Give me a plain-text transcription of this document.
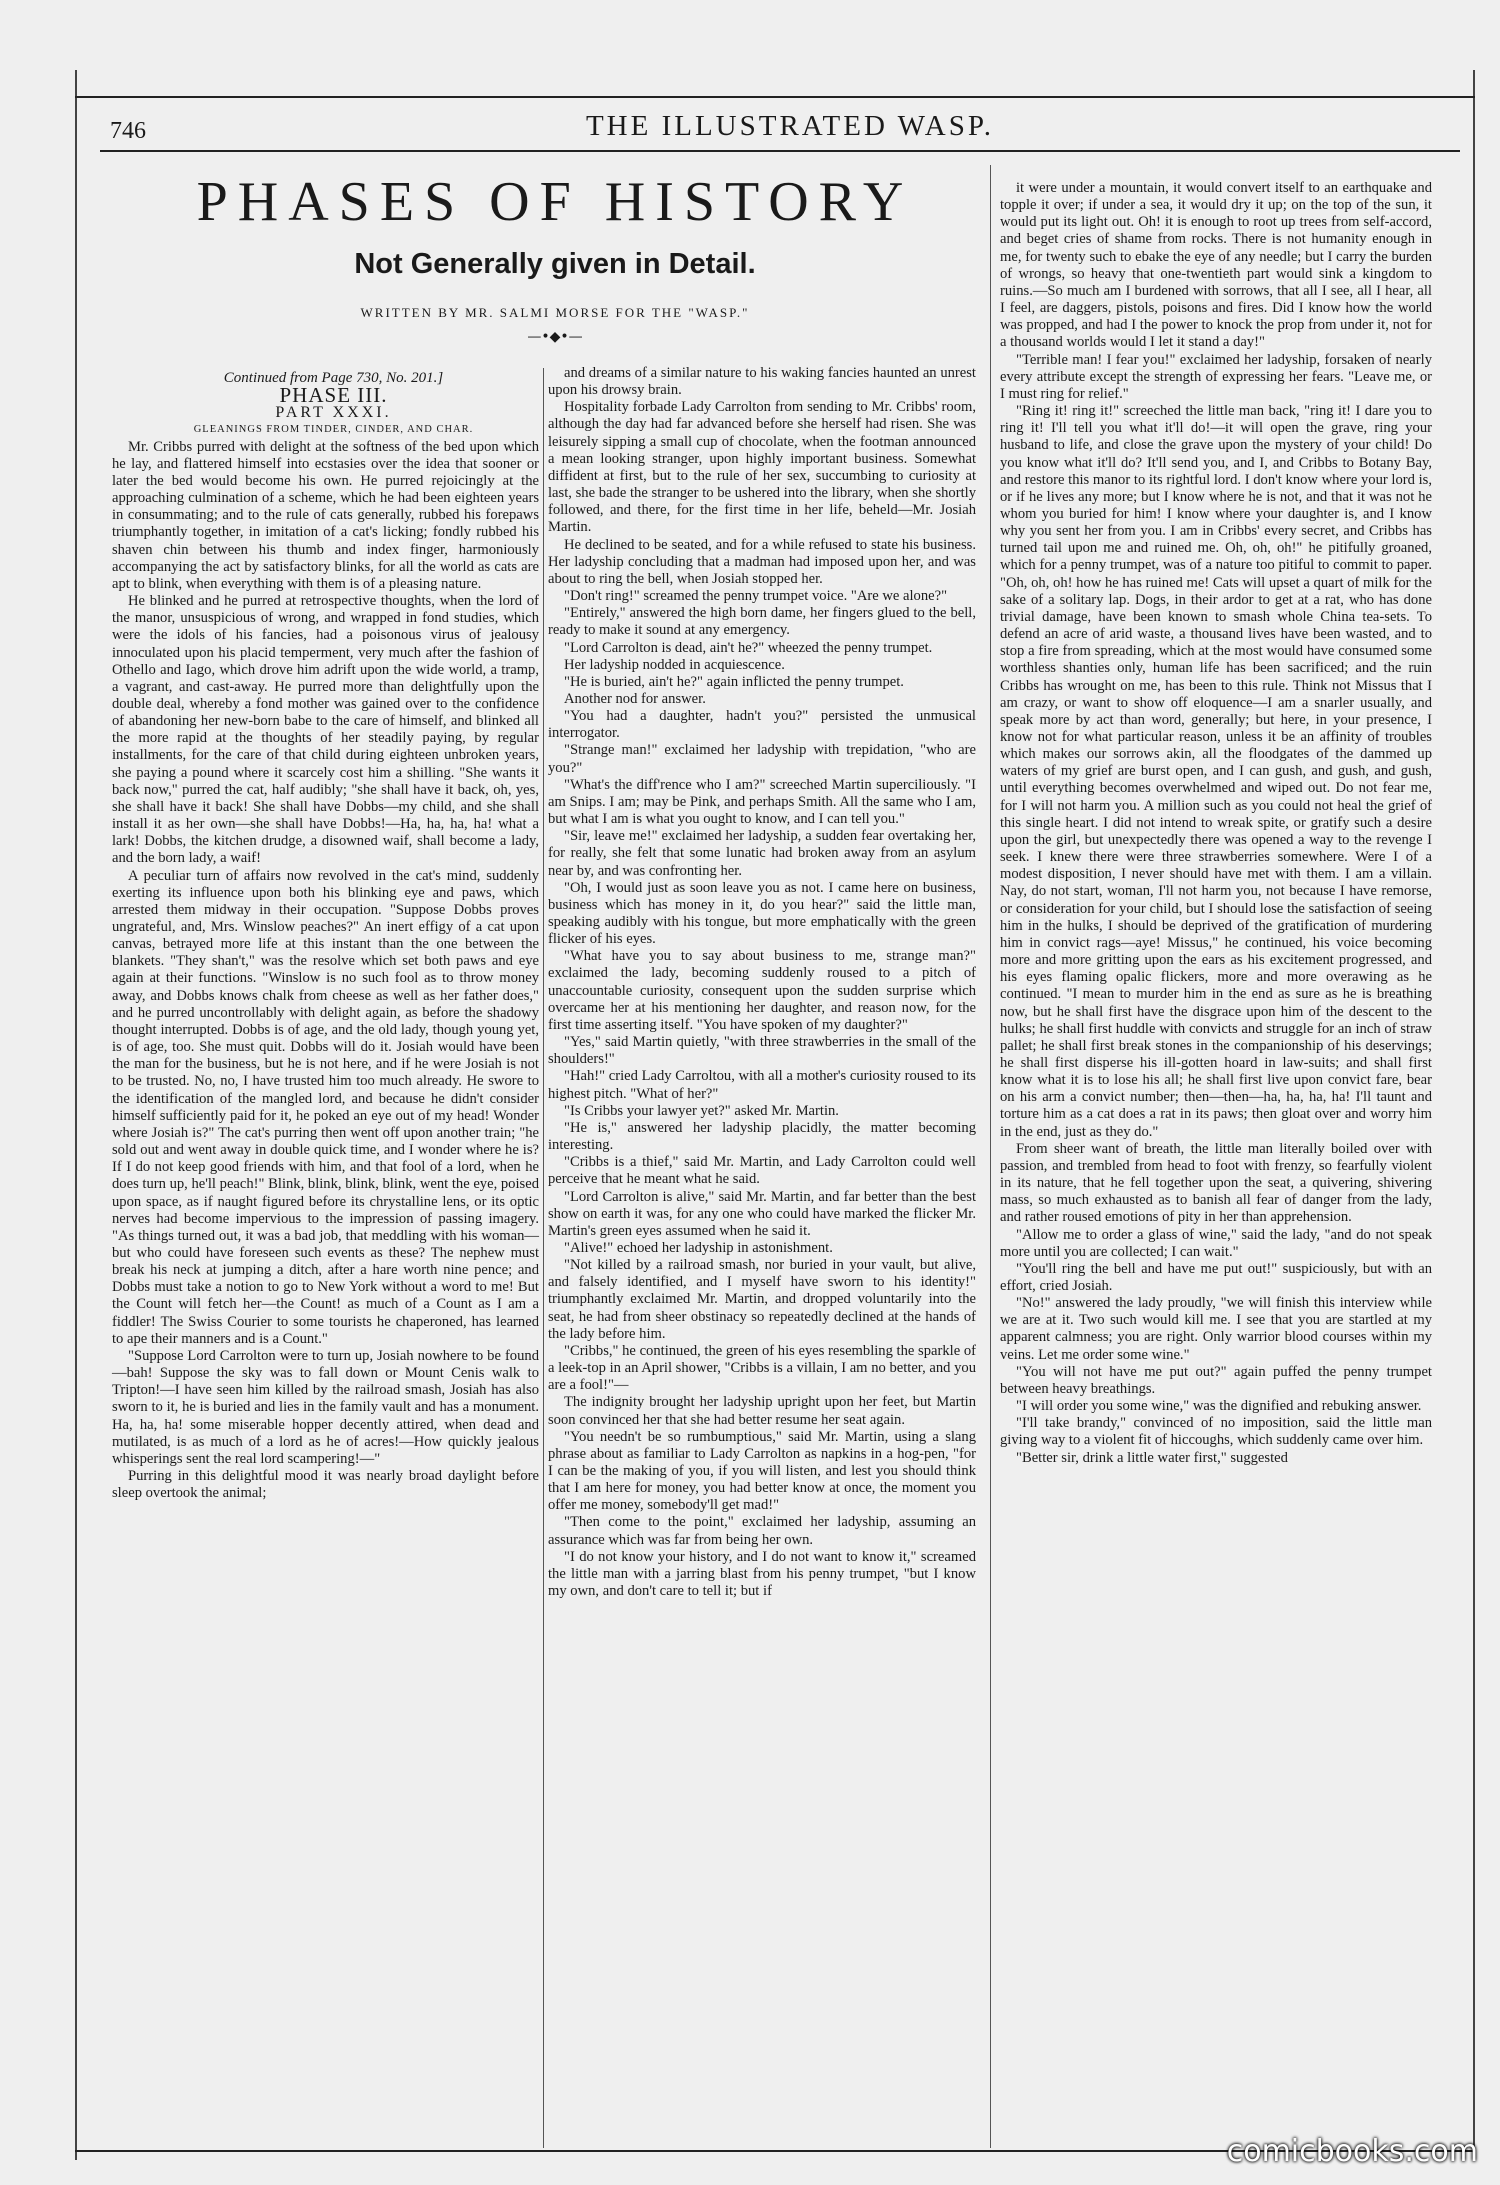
746	THE ILLUSTRATED WASP.
PHASES OF HISTORY
Not Generally given in Detail.
WRITTEN BY MR. SALMI MORSE FOR THE "WASP."
—•◆•—

Continued from Page 730, No. 201.]

PHASE III.

PART XXXI.

GLEANINGS FROM TINDER, CINDER, AND CHAR.

Mr. Cribbs purred with delight at the softness of the bed upon which he lay, and flattered himself into ecstasies over the idea that sooner or later the bed would become his own. He purred rejoicingly at the approaching culmination of a scheme, which he had been eighteen years in consummating; and to the rule of cats generally, rubbed his forepaws triumphantly together, in imitation of a cat's licking; fondly rubbed his shaven chin between his thumb and index finger, harmoniously accompanying the act by satisfactory blinks, for all the world as cats are apt to blink, when everything with them is of a pleasing nature.

He blinked and he purred at retrospective thoughts, when the lord of the manor, unsuspicious of wrong, and wrapped in fond studies, which were the idols of his fancies, had a poisonous virus of jealousy innoculated upon his placid temperment, very much after the fashion of Othello and Iago, which drove him adrift upon the wide world, a tramp, a vagrant, and cast-away. He purred more than delightfully upon the double deal, whereby a fond mother was gained over to the confidence of abandoning her new-born babe to the care of himself, and blinked all the more rapid at the thoughts of her steadily paying, by regular installments, for the care of that child during eighteen unbroken years, she paying a pound where it scarcely cost him a shilling. "She wants it back now," purred the cat, half audibly; "she shall have it back, oh, yes, she shall have it back! She shall have Dobbs—my child, and she shall install it as her own—she shall have Dobbs!—Ha, ha, ha, ha! what a lark! Dobbs, the kitchen drudge, a disowned waif, shall become a lady, and the born lady, a waif!

A peculiar turn of affairs now revolved in the cat's mind, suddenly exerting its influence upon both his blinking eye and paws, which arrested them midway in their occupation. "Suppose Dobbs proves ungrateful, and, Mrs. Winslow peaches?" An inert effigy of a cat upon canvas, betrayed more life at this instant than the one between the blankets. "They shan't," was the resolve which set both paws and eye again at their functions. "Winslow is no such fool as to throw money away, and Dobbs knows chalk from cheese as well as her father does," and he purred uncontrollably with delight again, as before the shadowy thought interrupted. Dobbs is of age, and the old lady, though young yet, is of age, too. She must quit. Dobbs will do it. Josiah would have been the man for the business, but he is not here, and if he were Josiah is not to be trusted. No, no, I have trusted him too much already. He swore to the identification of the mangled lord, and because he didn't consider himself sufficiently paid for it, he poked an eye out of my head! Wonder where Josiah is?" The cat's purring then went off upon another train; "he sold out and went away in double quick time, and I wonder where he is? If I do not keep good friends with him, and that fool of a lord, when he does turn up, he'll peach!" Blink, blink, blink, blink, went the eye, poised upon space, as if naught figured before its chrystalline lens, or its optic nerves had become impervious to the impression of passing imagery. "As things turned out, it was a bad job, that meddling with his woman—but who could have foreseen such events as these? The nephew must break his neck at jumping a ditch, after a hare worth nine pence; and Dobbs must take a notion to go to New York without a word to me! But the Count will fetch her—the Count! as much of a Count as I am a fiddler! The Swiss Courier to some tourists he chaperoned, has learned to ape their manners and is a Count."

"Suppose Lord Carrolton were to turn up, Josiah nowhere to be found—bah! Suppose the sky was to fall down or Mount Cenis walk to Tripton!—I have seen him killed by the railroad smash, Josiah has also sworn to it, he is buried and lies in the family vault and has a monument. Ha, ha, ha! some miserable hopper decently attired, when dead and mutilated, is as much of a lord as he of acres!—How quickly jealous whisperings sent the real lord scampering!—"

Purring in this delightful mood it was nearly broad daylight before sleep overtook the animal;

and dreams of a similar nature to his waking fancies haunted an unrest upon his drowsy brain.

Hospitality forbade Lady Carrolton from sending to Mr. Cribbs' room, although the day had far advanced before she herself had risen. She was leisurely sipping a small cup of chocolate, when the footman announced a mean looking stranger, upon highly important business. Somewhat diffident at first, but to the rule of her sex, succumbing to curiosity at last, she bade the stranger to be ushered into the library, when she shortly followed, and there, for the first time in her life, beheld—Mr. Josiah Martin.

He declined to be seated, and for a while refused to state his business. Her ladyship concluding that a madman had imposed upon her, and was about to ring the bell, when Josiah stopped her.

"Don't ring!" screamed the penny trumpet voice. "Are we alone?"

"Entirely," answered the high born dame, her fingers glued to the bell, ready to make it sound at any emergency.

"Lord Carrolton is dead, ain't he?" wheezed the penny trumpet.

Her ladyship nodded in acquiescence.

"He is buried, ain't he?" again inflicted the penny trumpet.

Another nod for answer.

"You had a daughter, hadn't you?" persisted the unmusical interrogator.

"Strange man!" exclaimed her ladyship with trepidation, "who are you?"

"What's the diff'rence who I am?" screeched Martin superciliously. "I am Snips. I am; may be Pink, and perhaps Smith. All the same who I am, but what I am is what you ought to know, and I can tell you."

"Sir, leave me!" exclaimed her ladyship, a sudden fear overtaking her, for really, she felt that some lunatic had broken away from an asylum near by, and was confronting her.

"Oh, I would just as soon leave you as not. I came here on business, business which has money in it, do you hear?" said the little man, speaking audibly with his tongue, but more emphatically with the green flicker of his eyes.

"What have you to say about business to me, strange man?" exclaimed the lady, becoming suddenly roused to a pitch of unaccountable curiosity, consequent upon the sudden surprise which overcame her at his mentioning her daughter, and reason now, for the first time asserting itself. "You have spoken of my daughter?"

"Yes," said Martin quietly, "with three strawberries in the small of the shoulders!"

"Hah!" cried Lady Carroltou, with all a mother's curiosity roused to its highest pitch. "What of her?"

"Is Cribbs your lawyer yet?" asked Mr. Martin.

"He is," answered her ladyship placidly, the matter becoming interesting.

"Cribbs is a thief," said Mr. Martin, and Lady Carrolton could well perceive that he meant what he said.

"Lord Carrolton is alive," said Mr. Martin, and far better than the best show on earth it was, for any one who could have marked the flicker Mr. Martin's green eyes assumed when he said it.

"Alive!" echoed her ladyship in astonishment.

"Not killed by a railroad smash, nor buried in your vault, but alive, and falsely identified, and I myself have sworn to his identity!" triumphantly exclaimed Mr. Martin, and dropped voluntarily into the seat, he had from sheer obstinacy so repeatedly declined at the hands of the lady before him.

"Cribbs," he continued, the green of his eyes resembling the sparkle of a leek-top in an April shower, "Cribbs is a villain, I am no better, and you are a fool!"—

The indignity brought her ladyship upright upon her feet, but Martin soon convinced her that she had better resume her seat again.

"You needn't be so rumbumptious," said Mr. Martin, using a slang phrase about as familiar to Lady Carrolton as napkins in a hog-pen, "for I can be the making of you, if you will listen, and lest you should think that I am here for money, you had better know at once, the moment you offer me money, somebody'll get mad!"

"Then come to the point," exclaimed her ladyship, assuming an assurance which was far from being her own.

"I do not know your history, and I do not want to know it," screamed the little man with a jarring blast from his penny trumpet, "but I know my own, and don't care to tell it; but if

it were under a mountain, it would convert itself to an earthquake and topple it over; if under a sea, it would dry it up; on the top of the sun, it would put its light out. Oh! it is enough to root up trees from self-accord, and beget cries of shame from rocks. There is not humanity enough in me, for twenty such to ebake the eye of any needle; but I carry the burden of wrongs, so heavy that one-twentieth part would sink a kingdom to ruins.—So much am I burdened with sorrows, that all I see, all I hear, all I feel, are daggers, pistols, poisons and fires. Did I know how the world was propped, and had I the power to knock the prop from under it, not for a thousand worlds would I let it stand a day!"

"Terrible man! I fear you!" exclaimed her ladyship, forsaken of nearly every attribute except the strength of expressing her fears. "Leave me, or I must ring for relief."

"Ring it! ring it!" screeched the little man back, "ring it! I dare you to ring it! I'll tell you what it'll do!—it will open the grave, ring your husband to life, and close the grave upon the mystery of your child! Do you know what it'll do? It'll send you, and I, and Cribbs to Botany Bay, and restore this manor to its rightful lord. I don't know where your lord is, or if he lives any more; but I know where he is not, and that it was not he whom you buried for him! I know where your daughter is, and I know why you sent her from you. I am in Cribbs' every secret, and Cribbs has turned tail upon me and ruined me. Oh, oh, oh!" he pitifully groaned, which for a penny trumpet, was of a nature too pitiful to commit to paper. "Oh, oh, oh! how he has ruined me! Cats will upset a quart of milk for the sake of a solitary lap. Dogs, in their ardor to get at a rat, who has done trivial damage, have been known to smash whole China tea-sets. To defend an acre of arid waste, a thousand lives have been wasted, and to stop a fire from spreading, which at the most would have consumed some worthless shanties only, human life has been sacrificed; and the ruin Cribbs has wrought on me, has been to this rule. Think not Missus that I am crazy, or want to show off eloquence—I am a snarler usually, and speak more by act than word, generally; but here, in your presence, I know not for what particular reason, unless it be an affinity of troubles which makes our sorrows akin, all the floodgates of the dammed up waters of my grief are burst open, and I can gush, and gush, and gush, until everything becomes overwhelmed and wiped out. Do not fear me, for I will not harm you. A million such as you could not heal the grief of this single heart. I did not intend to wreak spite, or gratify such a desire upon the girl, but unexpectedly there was opened a way to the revenge I seek. I knew there were three strawberries somewhere. Were I of a modest disposition, I never should have met with them. I am a villain. Nay, do not start, woman, I'll not harm you, not because I have remorse, or consideration for your child, but I should lose the satisfaction of seeing him in the hulks, I should be deprived of the gratification of murdering him in convict rags—aye! Missus," he continued, his voice becoming more and more gritting upon the ears as his excitement progressed, and his eyes flaming opalic flickers, more and more overawing as he continued. "I mean to murder him in the end as sure as he is breathing now, but he shall first have the disgrace upon him of the descent to the hulks; he shall first huddle with convicts and struggle for an inch of straw pallet; he shall first break stones in the companionship of his deservings; he shall first disperse his ill-gotten hoard in law-suits; and shall first know what it is to lose his all; he shall first live upon convict fare, bear on his arm a convict number; then—then—ha, ha, ha, ha! I'll taunt and torture him as a cat does a rat in its paws; then gloat over and worry him in the end, just as they do."

From sheer want of breath, the little man literally boiled over with passion, and trembled from head to foot with frenzy, so fearfully violent in its nature, that he fell together upon the seat, a quivering, shivering mass, so much exhausted as to banish all fear of danger from the lady, and rather roused emotions of pity in her than apprehension.

"Allow me to order a glass of wine," said the lady, "and do not speak more until you are collected; I can wait."

"You'll ring the bell and have me put out!" suspiciously, but with an effort, cried Josiah.

"No!" answered the lady proudly, "we will finish this interview while we are at it. Two such would kill me. I see that you are startled at my apparent calmness; you are right. Only warrior blood courses within my veins. Let me order some wine."

"You will not have me put out?" again puffed the penny trumpet between heavy breathings.

"I will order you some wine," was the dignified and rebuking answer.

"I'll take brandy," convinced of no imposition, said the little man giving way to a violent fit of hiccoughs, which suddenly came over him.

"Better sir, drink a little water first," suggested

comicbooks.com
